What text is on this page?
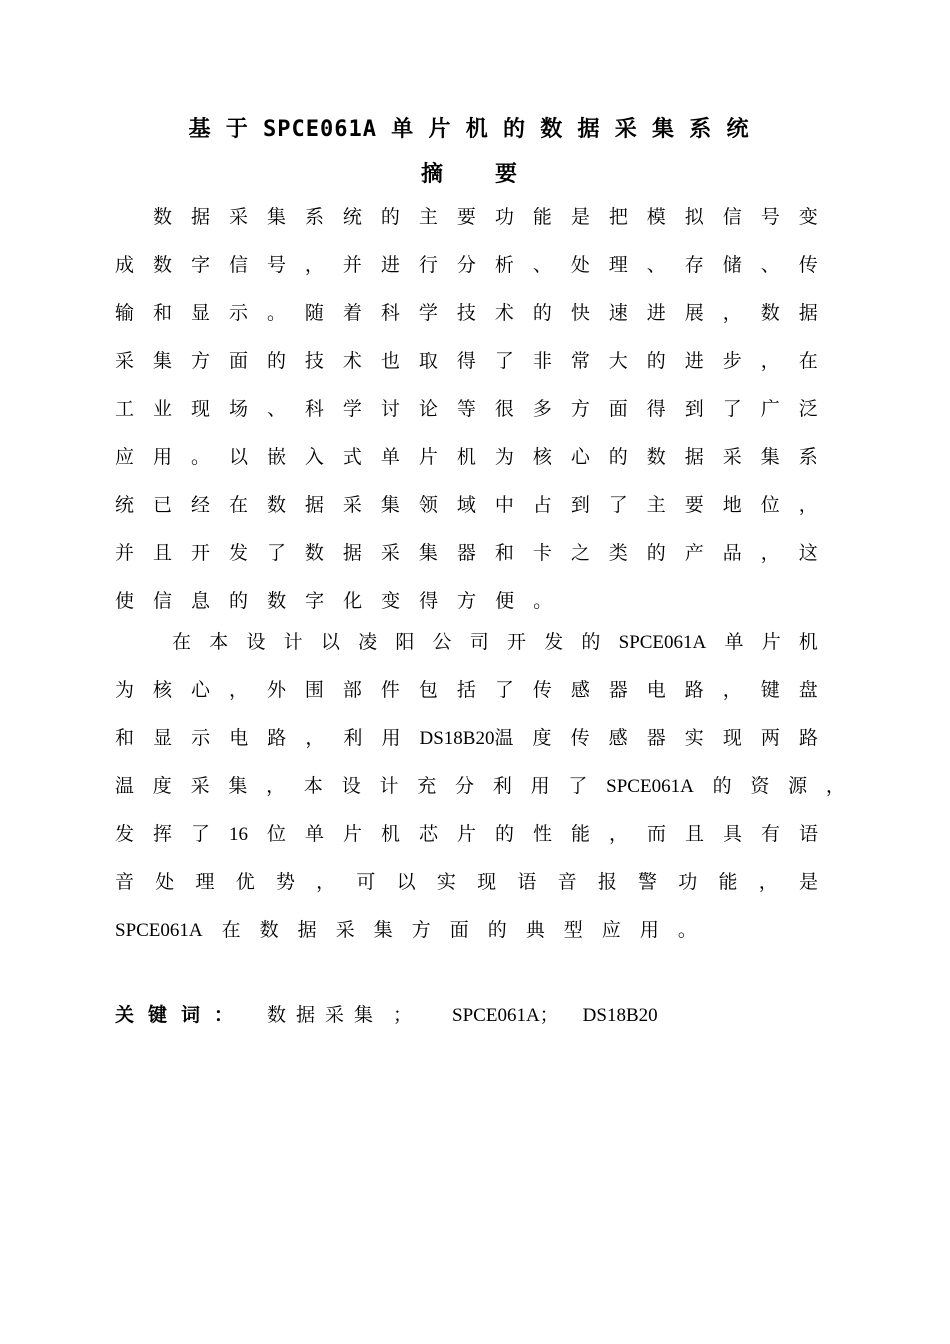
基 于 SPCE061A 单 片 机 的 数 据 采 集 系 统
摘 要
数 据 采 集 系 统 的 主 要 功 能 是 把 模 拟 信 号 变
成 数 字 信 号 ， 并 进 行 分 析 、 处 理 、 存 储 、 传
输 和 显 示 。 随 着 科 学 技 术 的 快 速 进 展 ， 数 据
采 集 方 面 的 技 术 也 取 得 了 非 常 大 的 进 步 ， 在
工 业 现 场 、 科 学 讨 论 等 很 多 方 面 得 到 了 广 泛
应 用 。 以 嵌 入 式 单 片 机 为 核 心 的 数 据 采 集 系
统 已 经 在 数 据 采 集 领 域 中 占 到 了 主 要 地 位 ，
并 且 开 发 了 数 据 采 集 器 和 卡 之 类 的 产 品 ， 这
使 信 息 的 数 字 化 变 得 方 便 。
在 本 设 计 以 凌 阳 公 司 开 发 的 SPCE061A 单 片 机
为 核 心 ， 外 围 部 件 包 括 了 传 感 器 电 路 ， 键 盘
和 显 示 电 路 ， 利 用 DS18B20温 度 传 感 器 实 现 两 路
温 度 采 集 ， 本 设 计 充 分 利 用 了 SPCE061A 的 资 源 ，
发 挥 了 16 位 单 片 机 芯 片 的 性 能 ， 而 且 具 有 语
音 处 理 优 势 ， 可 以 实 现 语 音 报 警 功 能 ， 是
SPCE061A 在 数 据 采 集 方 面 的 典 型 应 用 。
关键词： 数据采集 ； SPCE061A； DS18B20
